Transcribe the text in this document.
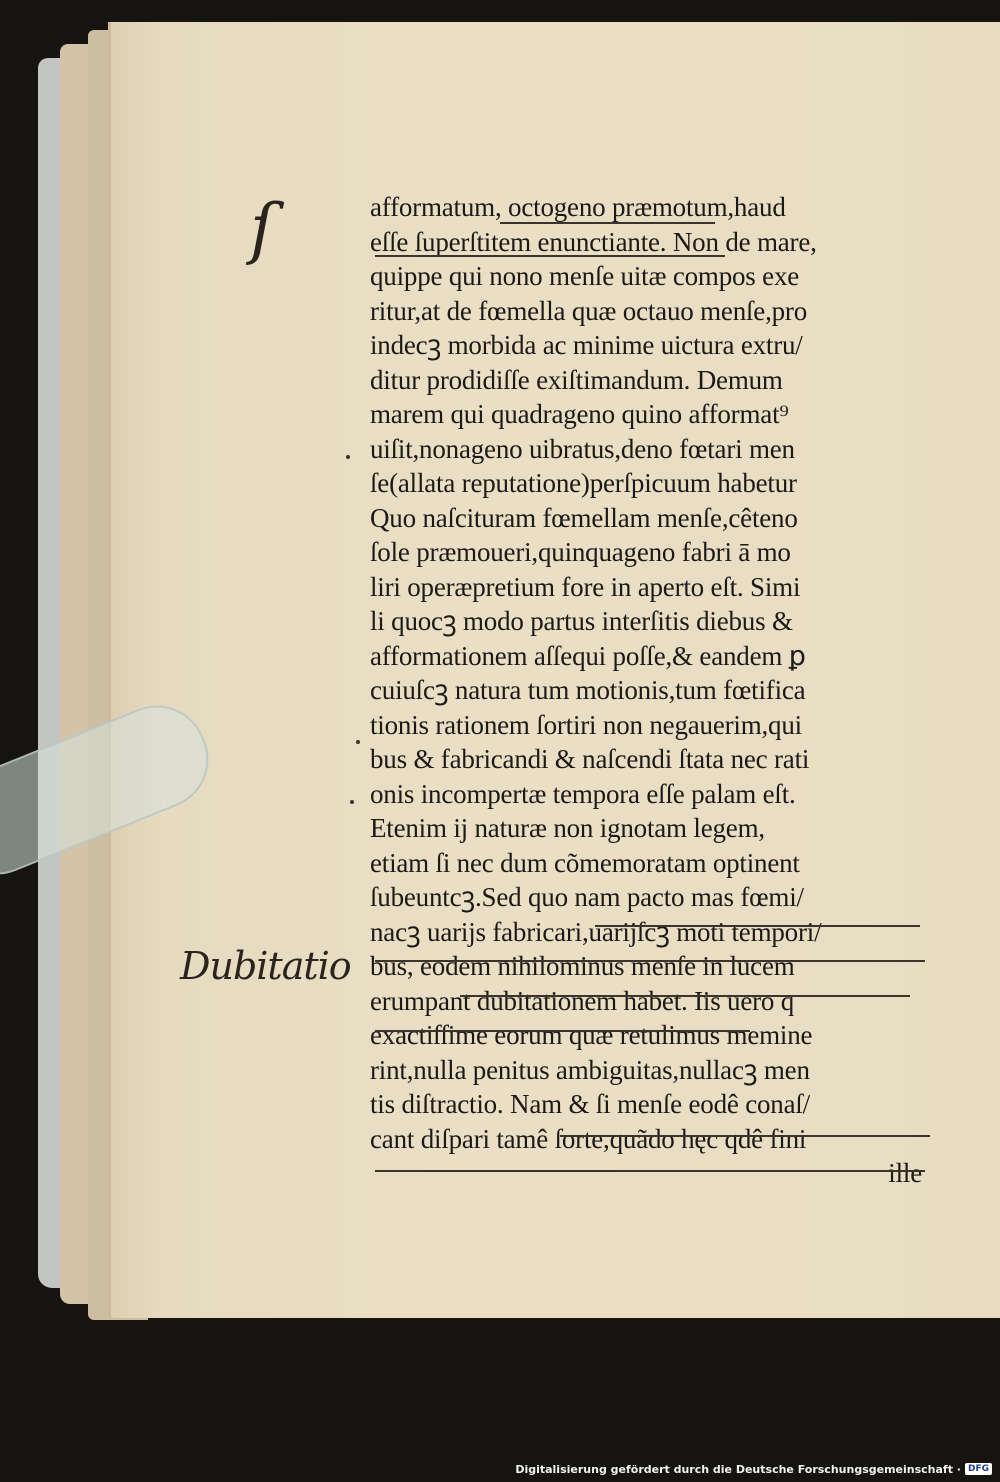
ſ
Dubitatio
afformatum, octogeno præmotum,haud
eſſe ſuperſtitem enunctiante. Non de mare,
quippe qui nono menſe uitæ compos exe
ritur,at de fœmella quæ octauo menſe,pro
indecꝫ morbida ac minime uictura extru/
ditur prodidiſſe exiſtimandum. Demum
marem qui quadrageno quino afformat⁹
uiſit,nonageno uibratus,deno fœtari men
ſe(allata reputatione)perſpicuum habetur
Quo naſcituram fœmellam menſe,cêteno
ſole præmoueri,quinquageno fabri ā mo
liri operæpretium fore in aperto eſt. Simi
li quocꝫ modo partus interſitis diebus &
afformationem aſſequi poſſe,& eandem ꝑ
cuiuſcꝫ natura tum motionis,tum fœtifica
tionis rationem ſortiri non negauerim,qui
bus & fabricandi & naſcendi ſtata nec rati
onis incompertæ tempora eſſe palam eſt.
Etenim ij naturæ non ignotam legem,
etiam ſi nec dum cõmemoratam optinent
ſubeuntcꝫ.Sed quo nam pacto mas fœmi/
nacꝫ uarijs fabricari,uarijſcꝫ moti tempori/
bus, eodem nihilominus menſe in lucem
erumpant dubitationem habet. Iis uero q
exactiſſime eorum quæ retulimus memine
rint,nulla penitus ambiguitas,nullacꝫ men
tis diſtractio. Nam & ſi menſe eodê conaſ/
cant diſpari tamê ſorte,quãdo hęc qdê fini
ille
Digitalisierung gefördert durch die Deutsche Forschungsgemeinschaft · DFG
